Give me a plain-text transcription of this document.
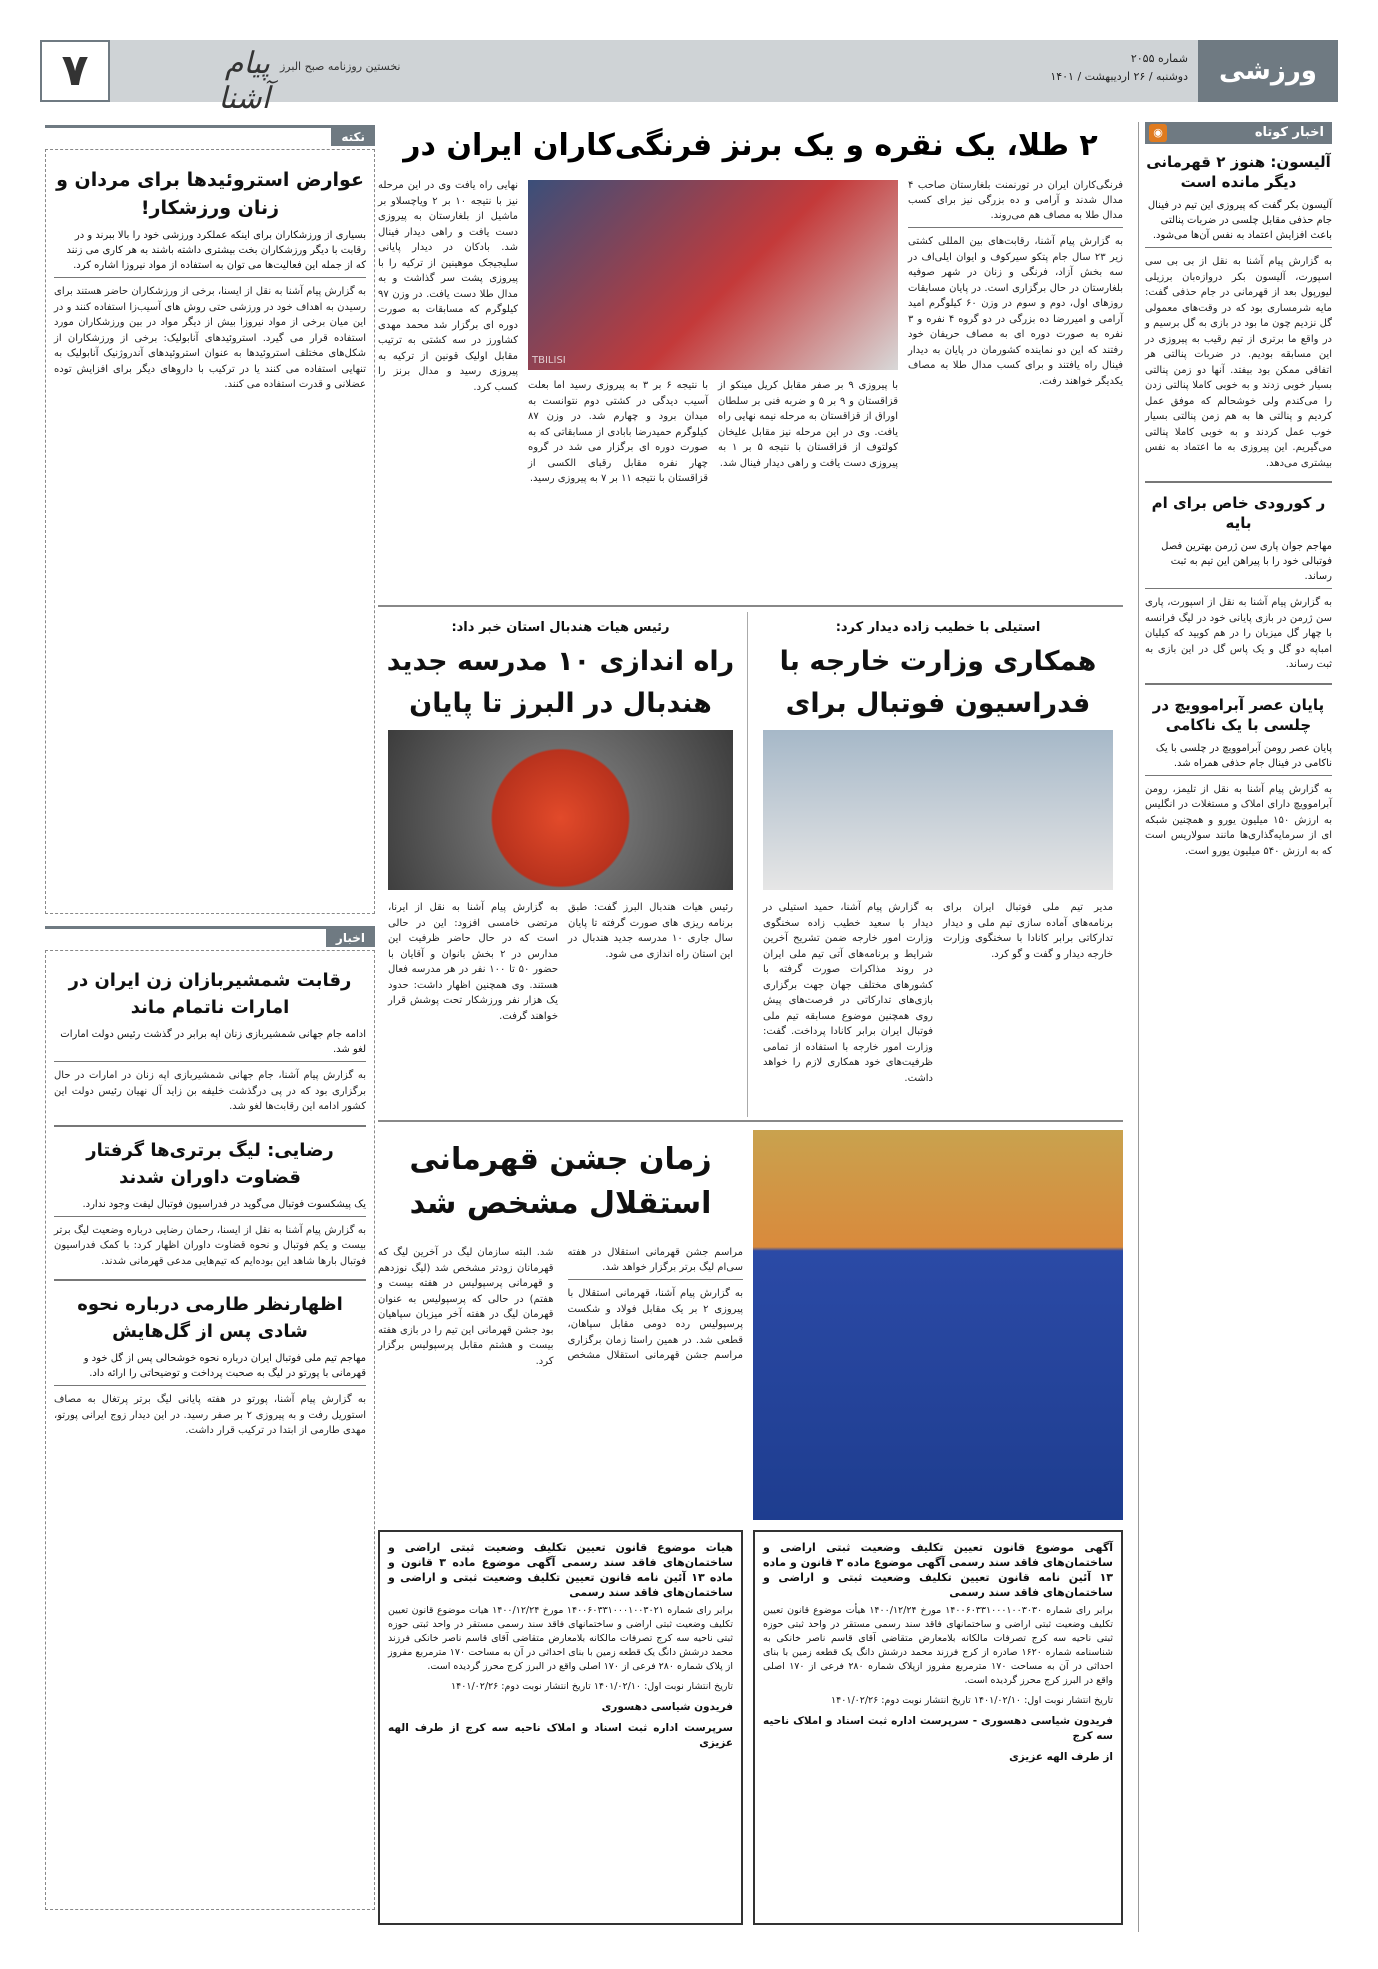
ورزشی
شماره ۲۰۵۵
دوشنبه / ۲۶ اردیبهشت / ۱۴۰۱
نخستین روزنامه صبح البرز
پیام آشنا
۷
اخبار کوتاه
◉
آلیسون: هنوز ۲ قهرمانی دیگر مانده است
آلیسون بکر گفت که پیروزی این تیم در فینال جام حذفی مقابل چلسی در ضربات پنالتی باعث افزایش اعتماد به نفس آن‌ها می‌شود.
به گزارش پیام آشنا به نقل از بی بی سی اسپورت، آلیسون بکر دروازه‌بان برزیلی لیورپول بعد از قهرمانی در جام حذفی گفت: مایه شرمساری بود که در وقت‌های معمولی گل نزدیم چون ما بود در بازی به گل برسیم و در واقع ما برتری از تیم رقیب به پیروزی در این مسابقه بودیم. در ضربات پنالتی هر اتفاقی ممکن بود بیفتد. آنها دو زمن پنالتی بسیار خوبی زدند و به خوبی کاملا پنالتی زدن را می‌کندم ولی خوشحالم که موفق عمل کردیم و پنالتی ها به هم زمن پنالتی بسیار خوب عمل کردند و به خوبی کاملا پنالتی می‌گیریم. این پیروزی به ما اعتماد به نفس بیشتری می‌دهد.
ر کورودی خاص برای ام بایه
مهاجم جوان پاری سن ژرمن بهترین فصل فوتبالی خود را با پیراهن این تیم به ثبت رساند.
به گزارش پیام آشنا به نقل از اسپورت، پاری سن ژرمن در بازی پایانی خود در لیگ فرانسه با چهار گل میزبان را در هم کوبید که کیلیان امباپه دو گل و یک پاس گل در این بازی به ثبت رساند.
پایان عصر آبراموویچ در چلسی با یک ناکامی
پایان عصر رومن آبراموویچ در چلسی با یک ناکامی در فینال جام حذفی همراه شد.
به گزارش پیام آشنا به نقل از تلیمز، رومن آبراموویچ دارای املاک و مستغلات در انگلیس به ارزش ۱۵۰ میلیون یورو و همچنین شبکه ای از سرمایه‌گذاری‌ها مانند سولاریس است که به ارزش ۵۴۰ میلیون یورو است.
۲ طلا، یک نقره و یک برنز فرنگی‌کاران ایران در
فرنگی‌کاران ایران در تورنمنت بلغارستان صاحب ۴ مدال شدند و آرامی و ده بزرگی نیز برای کسب مدال طلا به مصاف هم می‌روند.
به گزارش پیام آشنا، رقابت‌های بین المللی کشتی زیر ۲۳ سال جام پتکو سیرکوف و ایوان ایلی‌اف در سه بخش آزاد، فرنگی و زنان در شهر صوفیه بلغارستان در حال برگزاری است. در پایان مسابقات روزهای اول، دوم و سوم در وزن ۶۰ کیلوگرم امید آرامی و امیررضا ده بزرگی در دو گروه ۴ نفره و ۳ نفره به صورت دوره ای به مصاف حریفان خود رفتند که این دو نماینده کشورمان در پایان به دیدار فینال راه یافتند و برای کسب مدال طلا به مصاف یکدیگر خواهند رفت.
با پیروزی ۹ بر صفر مقابل کریل مینکو از قزاقستان و ۹ بر ۵ و ضربه فنی بر سلطان اوراق از قزاقستان به مرحله نیمه نهایی راه یافت. وی در این مرحله نیز مقابل علیخان کولتوف از قزاقستان با نتیجه ۵ بر ۱ به پیروزی دست یافت و راهی دیدار فینال شد.
با نتیجه ۶ بر ۳ به پیروزی رسید اما بعلت آسیب دیدگی در کشتی دوم نتوانست به میدان برود و چهارم شد. در وزن ۸۷ کیلوگرم حمیدرضا بابادی از مسابقاتی که به صورت دوره ای برگزار می شد در گروه چهار نفره مقابل رقبای الکسی از قزاقستان با نتیجه ۱۱ بر ۷ به پیروزی رسید.
TBILISI
نهایی راه یافت وی در این مرحله نیز با نتیجه ۱۰ بر ۲ ویاچسلاو بر ماشیل از بلغارستان به پیروزی دست یافت و راهی دیدار فینال شد. بادکان در دیدار پایانی سلیجیجک موهینین از ترکیه را با پیروزی پشت سر گذاشت و به مدال طلا دست یافت. در وزن ۹۷ کیلوگرم که مسابقات به صورت دوره ای برگزار شد محمد مهدی کشاورز در سه کشتی به ترتیب مقابل اولیک قونین از ترکیه به پیروزی رسید و مدال برنز را کسب کرد.
استیلی با خطیب زاده دیدار کرد:
همکاری وزارت خارجه با فدراسیون فوتبال برای
مدیر تیم ملی فوتبال ایران برای برنامه‌های آماده سازی تیم ملی و دیدار تدارکاتی برابر کانادا با سخنگوی وزارت خارجه دیدار و گفت و گو کرد.
به گزارش پیام آشنا، حمید استیلی در دیدار با سعید خطیب زاده سخنگوی وزارت امور خارجه ضمن تشریح آخرین شرایط و برنامه‌های آتی تیم ملی ایران در روند مذاکرات صورت گرفته با کشورهای مختلف جهان جهت برگزاری بازی‌های تدارکاتی در فرصت‌های پیش روی همچنین موضوع مسابقه تیم ملی فوتبال ایران برابر کانادا پرداخت. گفت: وزارت امور خارجه با استفاده از تمامی ظرفیت‌های خود همکاری لازم را خواهد داشت.
رئیس هیات هندبال استان خبر داد:
راه اندازی ۱۰ مدرسه جدید هندبال در البرز تا پایان
رئیس هیات هندبال البرز گفت: طبق برنامه ریزی های صورت گرفته تا پایان سال جاری ۱۰ مدرسه جدید هندبال در این استان راه اندازی می شود.
به گزارش پیام آشنا به نقل از ایرنا، مرتضی خامسی افزود: این در حالی است که در حال حاضر ظرفیت این مدارس در ۲ بخش بانوان و آقایان با حضور ۵۰ تا ۱۰۰ نفر در هر مدرسه فعال هستند. وی همچنین اظهار داشت: حدود یک هزار نفر ورزشکار تحت پوشش قرار خواهند گرفت.
زمان جشن قهرمانی استقلال مشخص شد
مراسم جشن قهرمانی استقلال در هفته سی‌ام لیگ برتر برگزار خواهد شد.
به گزارش پیام آشنا، قهرمانی استقلال با پیروزی ۲ بر یک مقابل فولاد و شکست پرسپولیس رده دومی مقابل سپاهان، قطعی شد. در همین راستا زمان برگزاری مراسم جشن قهرمانی استقلال مشخص شد. البته سازمان لیگ در آخرین لیگ که قهرمانان زودتر مشخص شد (لیگ نوزدهم و قهرمانی پرسپولیس در هفته بیست و هفتم) در حالی که پرسپولیس به عنوان قهرمان لیگ در هفته آخر میزبان سپاهیان بود جشن قهرمانی این تیم را در بازی هفته بیست و هشتم مقابل پرسپولیس برگزار کرد.
آگهی موضوع قانون تعیین تکلیف وضعیت ثبتی اراضی و ساختمان‌های فاقد سند رسمی آگهی موضوع ماده ۳ قانون و ماده ۱۳ آئین نامه قانون تعیین تکلیف وضعیت ثبتی و اراضی و ساختمان‌های فاقد سند رسمی
برابر رای شماره ۱۴۰۰۶۰۳۳۱۰۰۰۱۰۰۳۰۳۰ مورخ ۱۴۰۰/۱۲/۲۴ هیأت موضوع قانون تعیین تکلیف وضعیت ثبتی اراضی و ساختمانهای فاقد سند رسمی مستقر در واحد ثبتی حوزه ثبتی ناحیه سه کرج تصرفات مالکانه بلامعارض متقاضی آقای قاسم ناصر خانکی به شناسنامه شماره ۱۶۲۰ صادره از کرج فرزند محمد درشش دانگ یک قطعه زمین با بنای احداثی در آن به مساحت ۱۷۰ مترمربع مفروز ازپلاک شماره ۲۸۰ فرعی از ۱۷۰ اصلی واقع در البرز کرج محرز گردیده است.
تاریخ انتشار نوبت اول: ۱۴۰۱/۰۲/۱۰ تاریخ انتشار نوبت دوم: ۱۴۰۱/۰۲/۲۶
فریدون شیاسی دهسوری - سرپرست اداره ثبت اسناد و املاک ناحیه سه کرج
از طرف الهه عزیزی
هیات موضوع قانون تعیین تکلیف وضعیت ثبتی اراضی و ساختمان‌های فاقد سند رسمی آگهی موضوع ماده ۳ قانون و ماده ۱۳ آئین نامه قانون تعیین تکلیف وضعیت ثبتی و اراضی و ساختمان‌های فاقد سند رسمی
برابر رای شماره ۱۴۰۰۶۰۳۳۱۰۰۰۱۰۰۳۰۲۱ مورخ ۱۴۰۰/۱۲/۲۴ هیات موضوع قانون تعیین تکلیف وضعیت ثبتی اراضی و ساختمانهای فاقد سند رسمی مستقر در واحد ثبتی حوزه ثبتی ناحیه سه کرج تصرفات مالکانه بلامعارض متقاضی آقای قاسم ناصر خانکی فرزند محمد درشش دانگ یک قطعه زمین با بنای احداثی در آن به مساحت ۱۷۰ مترمربع مفروز از پلاک شماره ۲۸۰ فرعی از ۱۷۰ اصلی واقع در البرز کرج محرز گردیده است.
تاریخ انتشار نوبت اول: ۱۴۰۱/۰۲/۱۰ تاریخ انتشار نوبت دوم: ۱۴۰۱/۰۲/۲۶
فریدون شیاسی دهسوری
سرپرست اداره ثبت اسناد و املاک ناحیه سه کرج از طرف الهه عزیزی
نکته
عوارض استروئیدها برای مردان و زنان ورزشکار!
بسیاری از ورزشکاران برای اینکه عملکرد ورزشی خود را بالا ببرند و در رقابت با دیگر ورزشکاران بخت بیشتری داشته باشند به هر کاری می زنند که از جمله این فعالیت‌ها می توان به استفاده از مواد نیروزا اشاره کرد.
به گزارش پیام آشنا به نقل از ایسنا، برخی از ورزشکاران حاضر هستند برای رسیدن به اهداف خود در ورزشی حتی روش های آسیب‌زا استفاده کنند و در این میان برخی از مواد نیروزا بیش از دیگر مواد در بین ورزشکاران مورد استفاده قرار می گیرد. استروئیدهای آنابولیک: برخی از ورزشکاران از شکل‌های مختلف استروئیدها به عنوان استروئیدهای آندروژنیک آنابولیک به تنهایی استفاده می کنند یا در ترکیب با داروهای دیگر برای افزایش توده عضلانی و قدرت استفاده می کنند.
اخبار
رقابت شمشیربازان زن ایران در امارات ناتمام ماند
ادامه جام جهانی شمشیربازی زنان اپه برابر در گذشت رئیس دولت امارات لغو شد.
به گزارش پیام آشنا، جام جهانی شمشیربازی اپه زنان در امارات در حال برگزاری بود که در پی درگذشت خلیفه بن زاید آل نهیان رئیس دولت این کشور ادامه این رقابت‌ها لغو شد.
رضایی: لیگ برتری‌ها گرفتار قضاوت داوران شدند
یک پیشکسوت فوتبال می‌گوید در فدراسیون فوتبال لیفت وجود ندارد.
به گزارش پیام آشنا به نقل از ایسنا، رحمان رضایی درباره وضعیت لیگ برتر بیست و یکم فوتبال و نحوه قضاوت داوران اظهار کرد: با کمک فدراسیون فوتبال بارها شاهد این بوده‌ایم که تیم‌هایی مدعی قهرمانی شدند.
اظهارنظر طارمی درباره نحوه شادی پس از گل‌هایش
مهاجم تیم ملی فوتبال ایران درباره نحوه خوشحالی پس از گل خود و قهرمانی با پورتو در لیگ به صحبت پرداخت و توضیحاتی را ارائه داد.
به گزارش پیام آشنا، پورتو در هفته پایانی لیگ برتر پرتغال به مصاف استوریل رفت و به پیروزی ۲ بر صفر رسید. در این دیدار زوج ایرانی پورتو، مهدی طارمی از ابتدا در ترکیب قرار داشت.
